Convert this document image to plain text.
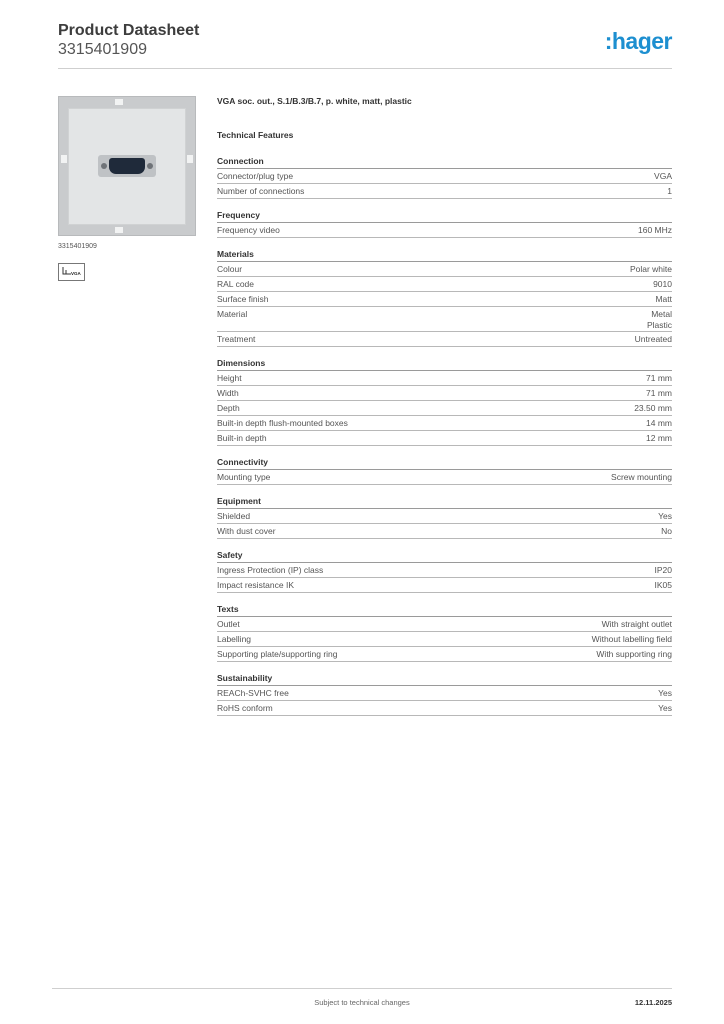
Product Datasheet
3315401909	:hager
3315401909
VGA
VGA soc. out., S.1/B.3/B.7, p. white, matt, plastic
Technical Features
Connection
Connector/plug type	VGA
Number of connections	1
Frequency
Frequency video	160 MHz
Materials
Colour	Polar white
RAL code	9010
Surface finish	Matt
Material	Metal
Plastic
Treatment	Untreated
Dimensions
Height	71 mm
Width	71 mm
Depth	23.50 mm
Built-in depth flush-mounted boxes	14 mm
Built-in depth	12 mm
Connectivity
Mounting type	Screw mounting
Equipment
Shielded	Yes
With dust cover	No
Safety
Ingress Protection (IP) class	IP20
Impact resistance IK	IK05
Texts
Outlet	With straight outlet
Labelling	Without labelling field
Supporting plate/supporting ring	With supporting ring
Sustainability
REACh-SVHC free	Yes
RoHS conform	Yes
Subject to technical changes	12.11.2025
